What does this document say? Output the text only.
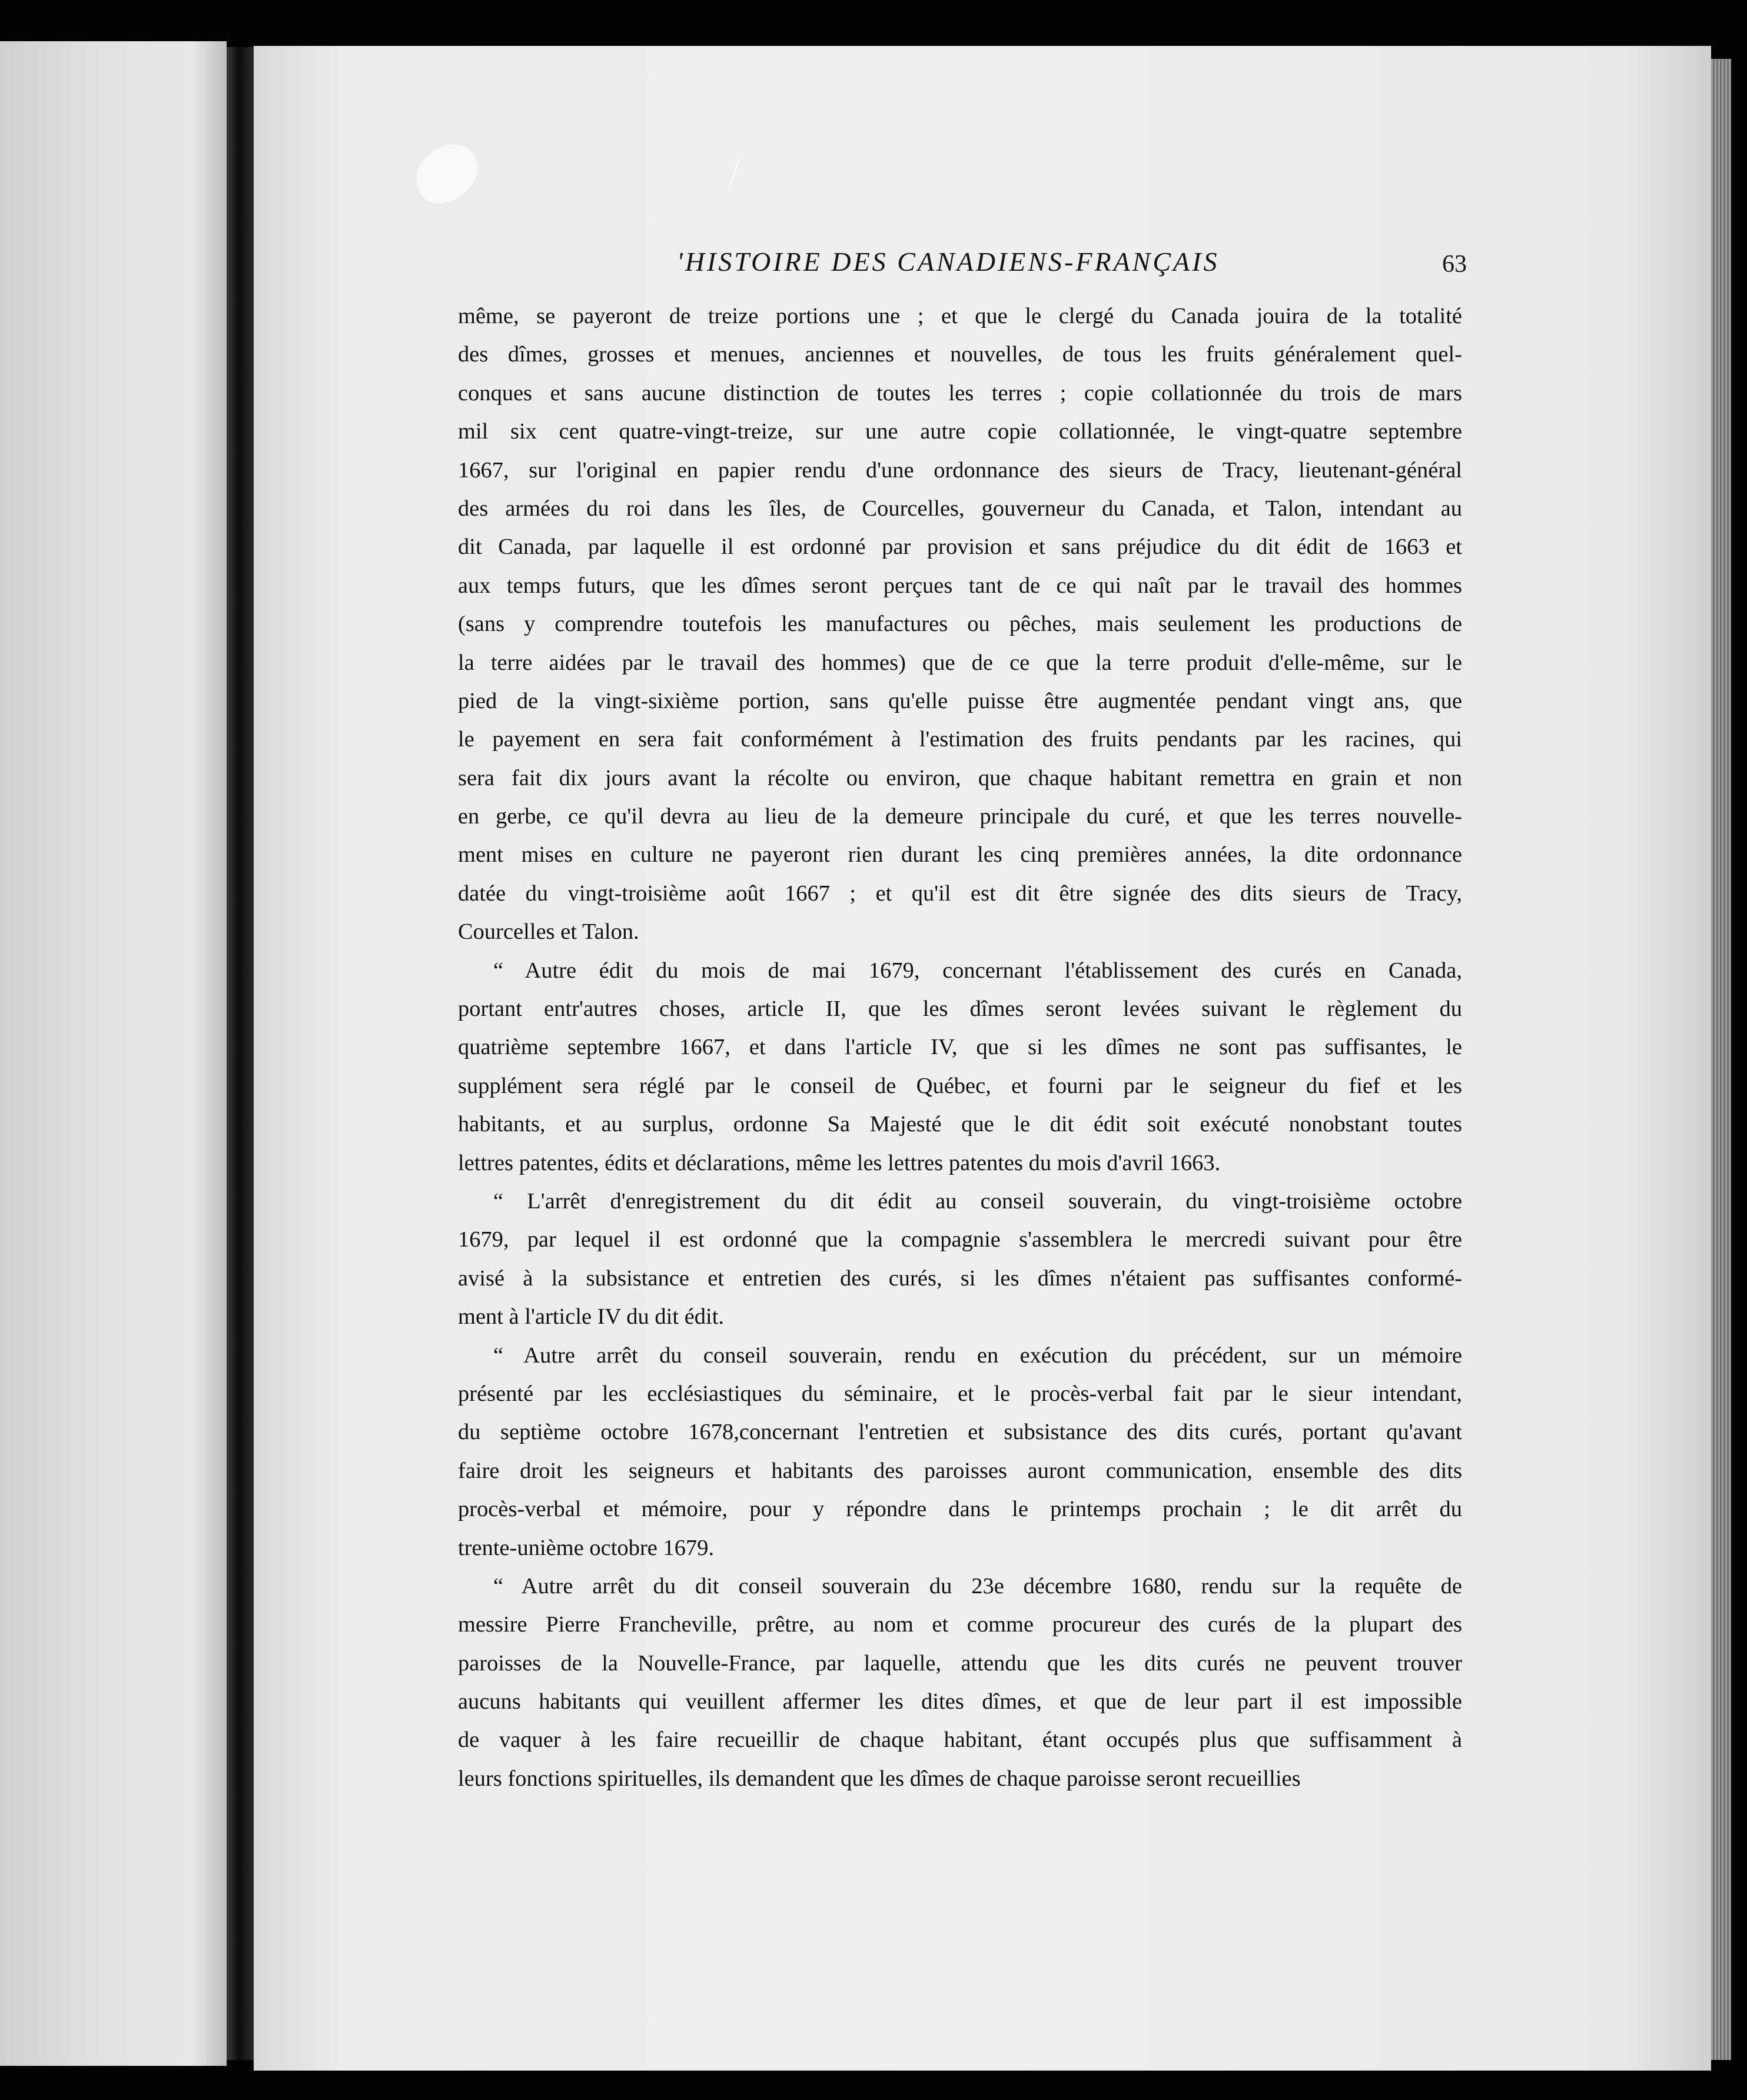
'HISTOIRE DES CANADIENS-FRANÇAIS	63
même, se payeront de treize portions une ; et que le clergé du Canada jouira de la totalité
des dîmes, grosses et menues, anciennes et nouvelles, de tous les fruits généralement quel-
conques et sans aucune distinction de toutes les terres ; copie collationnée du trois de mars
mil six cent quatre-vingt-treize, sur une autre copie collationnée, le vingt-quatre septembre
1667, sur l'original en papier rendu d'une ordonnance des sieurs de Tracy, lieutenant-général
des armées du roi dans les îles, de Courcelles, gouverneur du Canada, et Talon, intendant au
dit Canada, par laquelle il est ordonné par provision et sans préjudice du dit édit de 1663 et
aux temps futurs, que les dîmes seront perçues tant de ce qui naît par le travail des hommes
(sans y comprendre toutefois les manufactures ou pêches, mais seulement les productions de
la terre aidées par le travail des hommes) que de ce que la terre produit d'elle-même, sur le
pied de la vingt-sixième portion, sans qu'elle puisse être augmentée pendant vingt ans, que
le payement en sera fait conformément à l'estimation des fruits pendants par les racines, qui
sera fait dix jours avant la récolte ou environ, que chaque habitant remettra en grain et non
en gerbe, ce qu'il devra au lieu de la demeure principale du curé, et que les terres nouvelle-
ment mises en culture ne payeront rien durant les cinq premières années, la dite ordonnance
datée du vingt-troisième août 1667 ; et qu'il est dit être signée des dits sieurs de Tracy,
Courcelles et Talon.
“ Autre édit du mois de mai 1679, concernant l'établissement des curés en Canada,
portant entr'autres choses, article II, que les dîmes seront levées suivant le règlement du
quatrième septembre 1667, et dans l'article IV, que si les dîmes ne sont pas suffisantes, le
supplément sera réglé par le conseil de Québec, et fourni par le seigneur du fief et les
habitants, et au surplus, ordonne Sa Majesté que le dit édit soit exécuté nonobstant toutes
lettres patentes, édits et déclarations, même les lettres patentes du mois d'avril 1663.
“ L'arrêt d'enregistrement du dit édit au conseil souverain, du vingt-troisième octobre
1679, par lequel il est ordonné que la compagnie s'assemblera le mercredi suivant pour être
avisé à la subsistance et entretien des curés, si les dîmes n'étaient pas suffisantes conformé-
ment à l'article IV du dit édit.
“ Autre arrêt du conseil souverain, rendu en exécution du précédent, sur un mémoire
présenté par les ecclésiastiques du séminaire, et le procès-verbal fait par le sieur intendant,
du septième octobre 1678,concernant l'entretien et subsistance des dits curés, portant qu'avant
faire droit les seigneurs et habitants des paroisses auront communication, ensemble des dits
procès-verbal et mémoire, pour y répondre dans le printemps prochain ; le dit arrêt du
trente-unième octobre 1679.
“ Autre arrêt du dit conseil souverain du 23e décembre 1680, rendu sur la requête de
messire Pierre Francheville, prêtre, au nom et comme procureur des curés de la plupart des
paroisses de la Nouvelle-France, par laquelle, attendu que les dits curés ne peuvent trouver
aucuns habitants qui veuillent affermer les dites dîmes, et que de leur part il est impossible
de vaquer à les faire recueillir de chaque habitant, étant occupés plus que suffisamment à
leurs fonctions spirituelles, ils demandent que les dîmes de chaque paroisse seront recueillies
